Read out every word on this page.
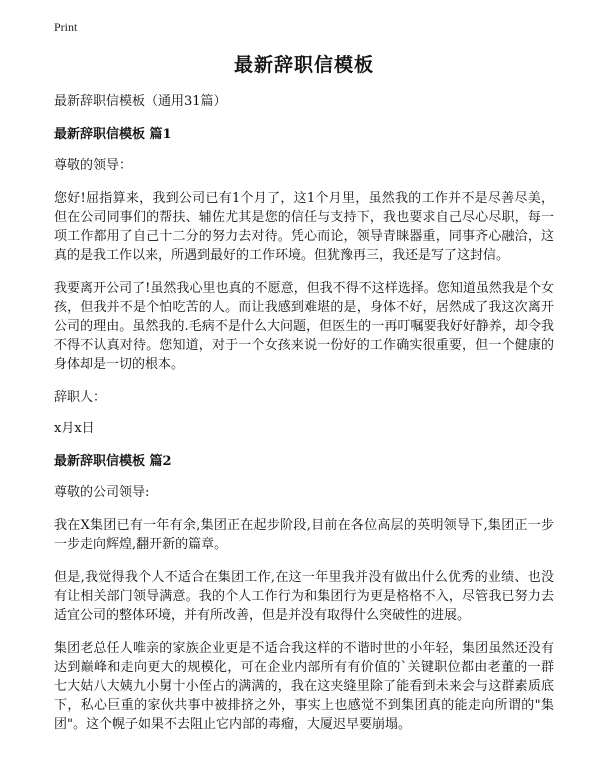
Print
最新辞职信模板
最新辞职信模板（通用31篇）
最新辞职信模板 篇1
尊敬的领导：
您好!屈指算来，我到公司已有1个月了，这1个月里，虽然我的工作并不是尽善尽美，但在公司同事们的帮扶、辅佐尤其是您的信任与支持下，我也要求自己尽心尽职，每一项工作都用了自己十二分的努力去对待。凭心而论，领导青睐器重，同事齐心融洽，这真的是我工作以来，所遇到最好的工作环境。但犹豫再三，我还是写了这封信。
我要离开公司了!虽然我心里也真的不愿意，但我不得不这样选择。您知道虽然我是个女孩，但我并不是个怕吃苦的人。而让我感到难堪的是，身体不好，居然成了我这次离开公司的理由。虽然我的.毛病不是什么大问题，但医生的一再叮嘱要我好好静养，却令我不得不认真对待。您知道，对于一个女孩来说一份好的工作确实很重要，但一个健康的身体却是一切的根本。
辞职人：
x月x日
最新辞职信模板 篇2
尊敬的公司领导:
我在X集团已有一年有余,集团正在起步阶段,目前在各位高层的英明领导下,集团正一步一步走向辉煌,翻开新的篇章。
但是,我觉得我个人不适合在集团工作,在这一年里我并没有做出什么优秀的业绩、也没有让相关部门领导满意。我的个人工作行为和集团行为更是格格不入，尽管我已努力去适宜公司的整体环境，并有所改善，但是并没有取得什么突破性的进展。
集团老总任人唯亲的家族企业更是不适合我这样的不谐时世的小年轻，集团虽然还没有达到巅峰和走向更大的规模化，可在企业内部所有有价值的`关键职位都由老董的一群七大姑八大姨九小舅十小侄占的满满的，我在这夹缝里除了能看到未来会与这群素质底下，私心巨重的家伙共事中被排挤之外，事实上也感觉不到集团真的能走向所谓的"集团"。这个幌子如果不去阻止它内部的毒瘤，大厦迟早要崩塌。
